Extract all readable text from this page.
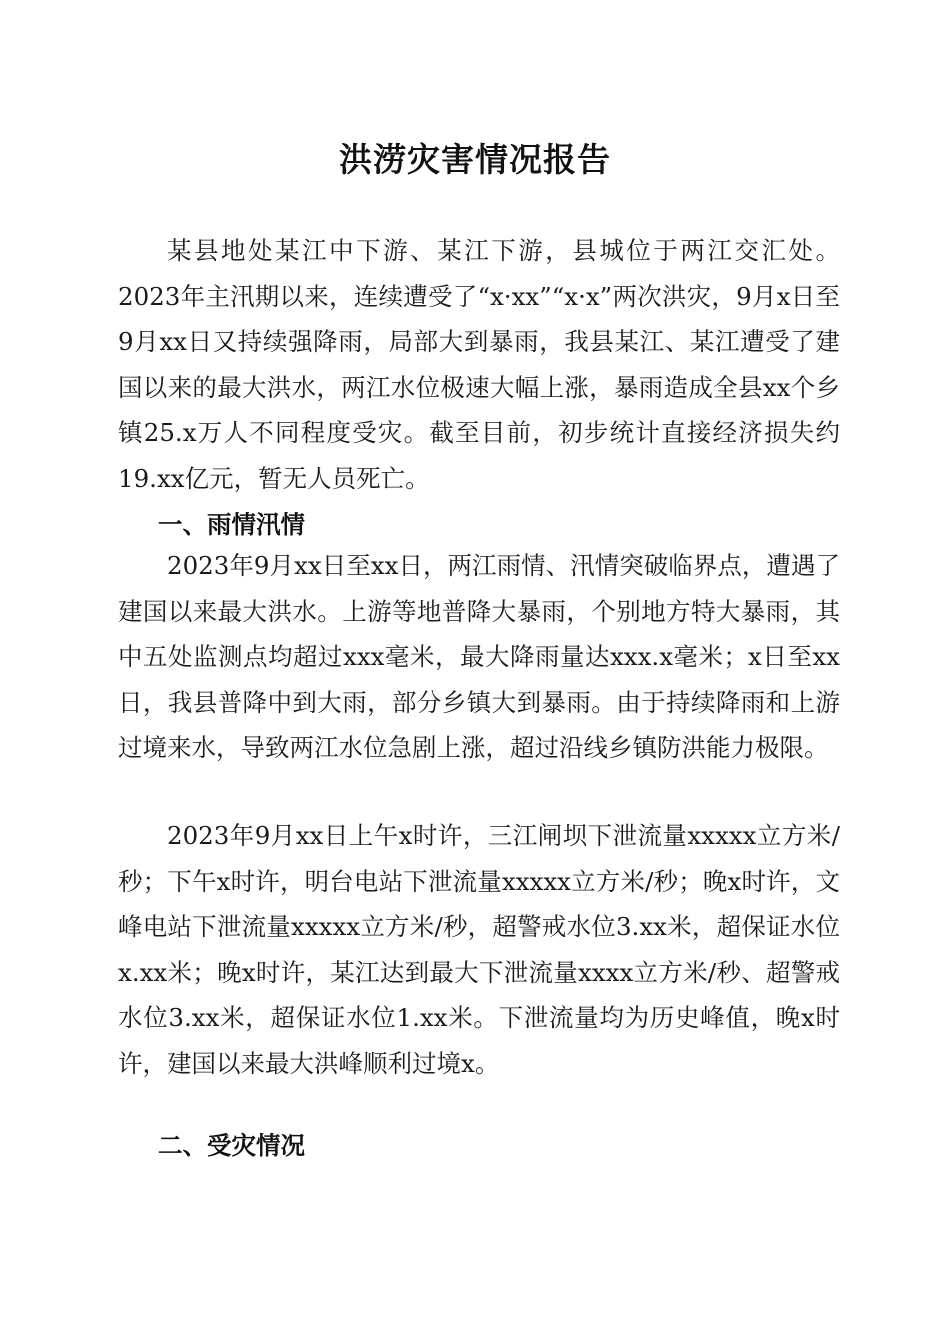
洪涝灾害情况报告

某县地处某江中下游、某江下游，县城位于两江交汇处。2023年主汛期以来，连续遭受了“x·xx”“x·x”两次洪灾，9月x日至9月xx日又持续强降雨，局部大到暴雨，我县某江、某江遭受了建国以来的最大洪水，两江水位极速大幅上涨，暴雨造成全县xx个乡镇25.x万人不同程度受灾。截至目前，初步统计直接经济损失约19.xx亿元，暂无人员死亡。

一、雨情汛情

2023年9月xx日至xx日，两江雨情、汛情突破临界点，遭遇了建国以来最大洪水。上游等地普降大暴雨，个别地方特大暴雨，其中五处监测点均超过xxx毫米，最大降雨量达xxx.x毫米；x日至xx日，我县普降中到大雨，部分乡镇大到暴雨。由于持续降雨和上游过境来水，导致两江水位急剧上涨，超过沿线乡镇防洪能力极限。

2023年9月xx日上午x时许，三江闸坝下泄流量xxxxx立方米/秒；下午x时许，明台电站下泄流量xxxxx立方米/秒；晚x时许，文峰电站下泄流量xxxxx立方米/秒，超警戒水位3.xx米，超保证水位x.xx米；晚x时许，某江达到最大下泄流量xxxx立方米/秒、超警戒水位3.xx米，超保证水位1.xx米。下泄流量均为历史峰值，晚x时许，建国以来最大洪峰顺利过境x。

二、受灾情况
